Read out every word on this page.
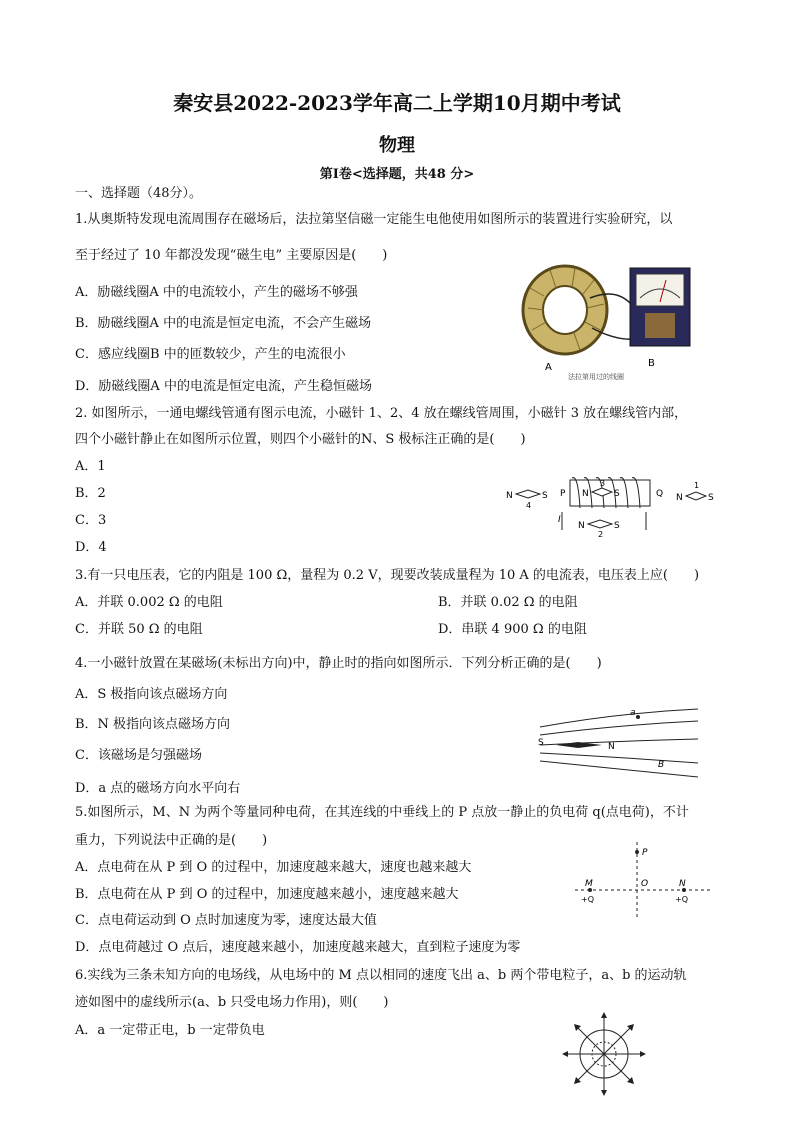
秦安县2022-2023学年高二上学期10月期中考试
物理
第Ⅰ卷<选择题，共48 分>
一、选择题（48分）。
1.从奥斯特发现电流周围存在磁场后，法拉第坚信磁一定能生电他使用如图所示的装置进行实验研究，以
至于经过了 10 年都没发现“磁生电” 主要原因是(　　)
A．励磁线圈A 中的电流较小，产生的磁场不够强
B．励磁线圈A 中的电流是恒定电流，不会产生磁场
C．感应线圈B 中的匝数较少，产生的电流很小
D．励磁线圈A 中的电流是恒定电流，产生稳恒磁场
A	B
法拉第用过的线圈
2. 如图所示，一通电螺线管通有图示电流，小磁针 1、2、4 放在螺线管周围，小磁针 3 放在螺线管内部，
四个小磁针静止在如图所示位置，则四个小磁针的N、S 极标注正确的是(　　)
A．1
B．2
C．3
D．4
I
P	Q
N	S
4
N	S
3
N	S
1
N	S
2
3.有一只电压表，它的内阻是 100 Ω，量程为 0.2 V，现要改装成量程为 10 A 的电流表，电压表上应(　　)
A．并联 0.002 Ω 的电阻	B．并联 0.02 Ω 的电阻
C．并联 50 Ω 的电阻	D．串联 4 900 Ω 的电阻
4.一小磁针放置在某磁场(未标出方向)中，静止时的指向如图所示．下列分析正确的是(　　)
A．S 极指向该点磁场方向
B．N 极指向该点磁场方向
C．该磁场是匀强磁场
D．a 点的磁场方向水平向右
a
B
S	N
5.如图所示，M、N 为两个等量同种电荷，在其连线的中垂线上的 P 点放一静止的负电荷 q(点电荷)，不计
重力，下列说法中正确的是(　　)
A．点电荷在从 P 到 O 的过程中，加速度越来越大，速度也越来越大
B．点电荷在从 P 到 O 的过程中，加速度越来越小，速度越来越大
C．点电荷运动到 O 点时加速度为零，速度达最大值
D．点电荷越过 O 点后，速度越来越小，加速度越来越大，直到粒子速度为零
P
O
M
+Q
N
+Q
6.实线为三条未知方向的电场线，从电场中的 M 点以相同的速度飞出 a、b 两个带电粒子，a、b 的运动轨
迹如图中的虚线所示(a、b 只受电场力作用)，则(　　)
A．a 一定带正电，b 一定带负电
